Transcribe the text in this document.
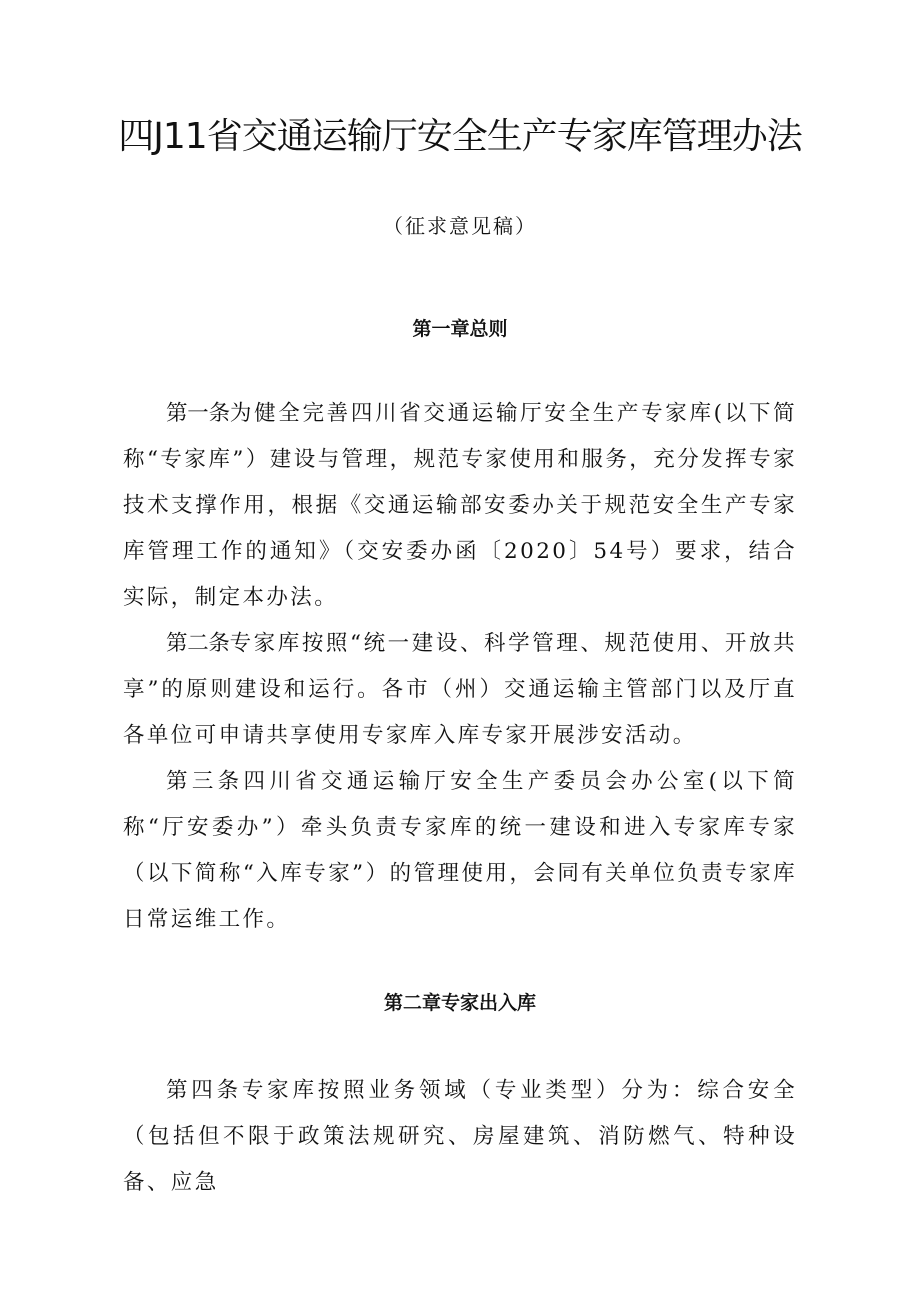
四J11省交通运输厅安全生产专家库管理办法

（征求意见稿）

第一章总则

第一条为健全完善四川省交通运输厅安全生产专家库(以下简称“专家库”）建设与管理，规范专家使用和服务，充分发挥专家技术支撑作用，根据《交通运输部安委办关于规范安全生产专家库管理工作的通知》（交安委办函〔2020〕54号）要求，结合实际，制定本办法。

第二条专家库按照“统一建设、科学管理、规范使用、开放共享”的原则建设和运行。各市（州）交通运输主管部门以及厅直各单位可申请共享使用专家库入库专家开展涉安活动。

第三条四川省交通运输厅安全生产委员会办公室(以下简称“厅安委办”）牵头负责专家库的统一建设和进入专家库专家（以下简称“入库专家”）的管理使用，会同有关单位负责专家库日常运维工作。

第二章专家出入库

第四条专家库按照业务领域（专业类型）分为：综合安全（包括但不限于政策法规研究、房屋建筑、消防燃气、特种设备、应急
